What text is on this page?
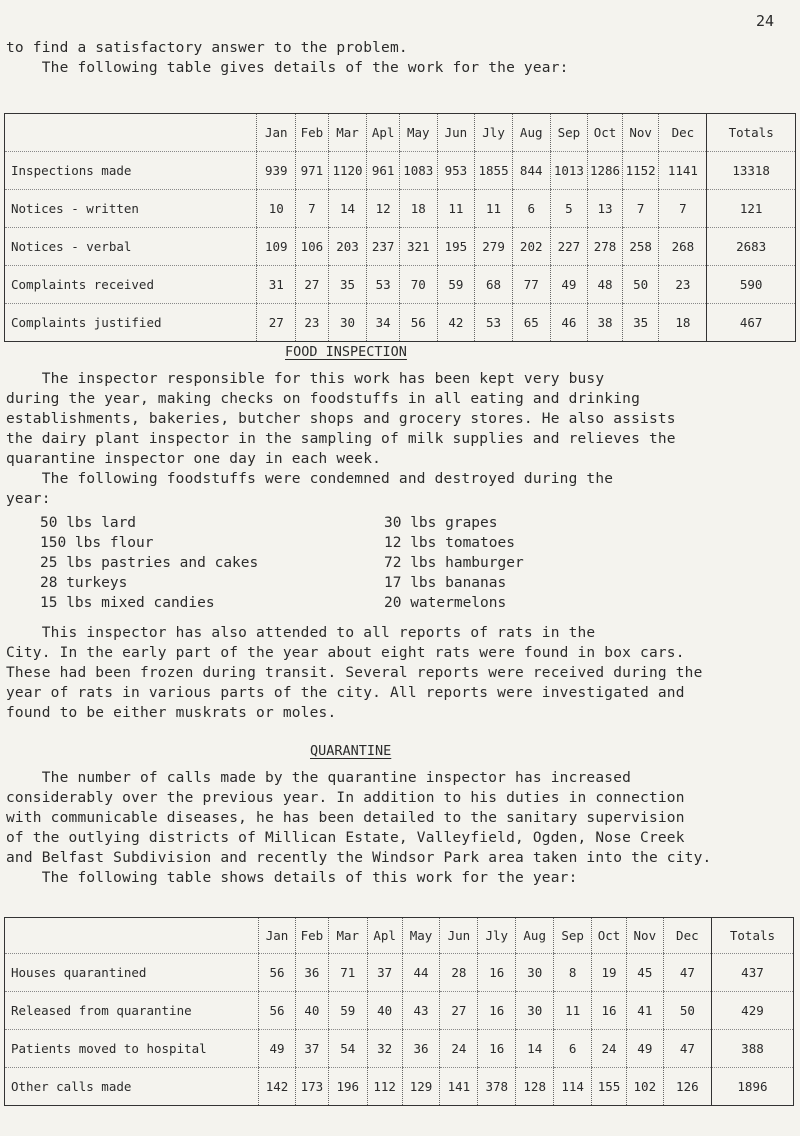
24
to find a satisfactory answer to the problem.
The following table gives details of the work for the year:
	Jan	Feb	Mar	Apl	May	Jun	Jly	Aug	Sep	Oct	Nov	Dec	Totals
Inspections made	939	971	1120	961	1083	953	1855	844	1013	1286	1152	1141	13318
Notices - written	10	7	14	12	18	11	11	6	5	13	7	7	121
Notices - verbal	109	106	203	237	321	195	279	202	227	278	258	268	2683
Complaints received	31	27	35	53	70	59	68	77	49	48	50	23	590
Complaints justified	27	23	30	34	56	42	53	65	46	38	35	18	467
FOOD INSPECTION
The inspector responsible for this work has been kept very busy
during the year, making checks on foodstuffs in all eating and drinking
establishments, bakeries, butcher shops and grocery stores. He also assists
the dairy plant inspector in the sampling of milk supplies and relieves the
quarantine inspector one day in each week.
The following foodstuffs were condemned and destroyed during the
year:
50 lbs lard
150 lbs flour
25 lbs pastries and cakes
28 turkeys
15 lbs mixed candies
30 lbs grapes
12 lbs tomatoes
72 lbs hamburger
17 lbs bananas
20 watermelons
This inspector has also attended to all reports of rats in the
City. In the early part of the year about eight rats were found in box cars.
These had been frozen during transit. Several reports were received during the
year of rats in various parts of the city. All reports were investigated and
found to be either muskrats or moles.
QUARANTINE
The number of calls made by the quarantine inspector has increased
considerably over the previous year. In addition to his duties in connection
with communicable diseases, he has been detailed to the sanitary supervision
of the outlying districts of Millican Estate, Valleyfield, Ogden, Nose Creek
and Belfast Subdivision and recently the Windsor Park area taken into the city.
The following table shows details of this work for the year:
	Jan	Feb	Mar	Apl	May	Jun	Jly	Aug	Sep	Oct	Nov	Dec	Totals
Houses quarantined	56	36	71	37	44	28	16	30	8	19	45	47	437
Released from quarantine	56	40	59	40	43	27	16	30	11	16	41	50	429
Patients moved to hospital	49	37	54	32	36	24	16	14	6	24	49	47	388
Other calls made	142	173	196	112	129	141	378	128	114	155	102	126	1896
